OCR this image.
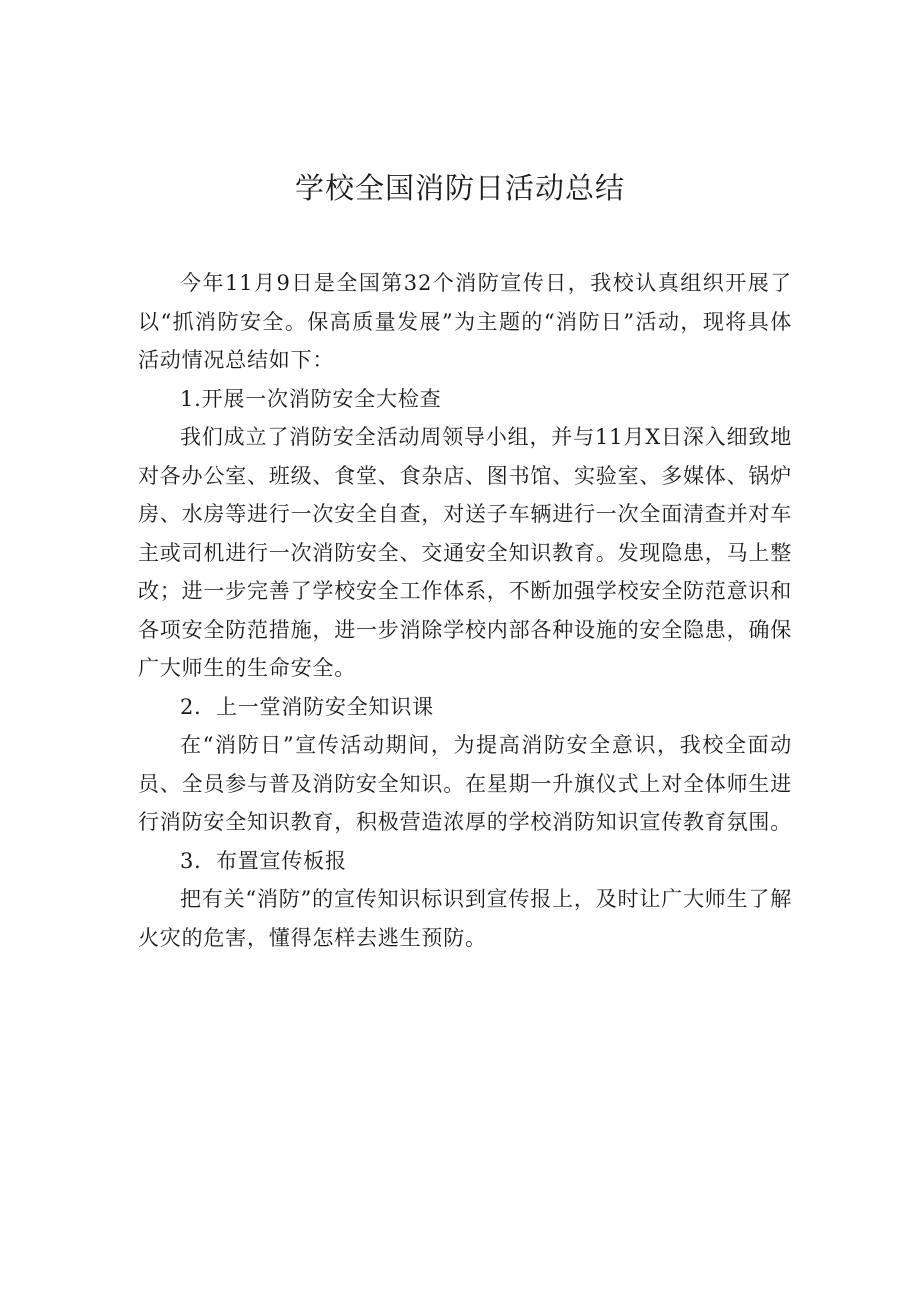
学校全国消防日活动总结

今年11月9日是全国第32个消防宣传日，我校认真组织开展了以“抓消防安全。保高质量发展”为主题的“消防日”活动，现将具体活动情况总结如下：

1.开展一次消防安全大检查

我们成立了消防安全活动周领导小组，并与11月X日深入细致地对各办公室、班级、食堂、食杂店、图书馆、实验室、多媒体、锅炉房、水房等进行一次安全自查，对送子车辆进行一次全面清查并对车主或司机进行一次消防安全、交通安全知识教育。发现隐患，马上整改；进一步完善了学校安全工作体系，不断加强学校安全防范意识和各项安全防范措施，进一步消除学校内部各种设施的安全隐患，确保广大师生的生命安全。

2．上一堂消防安全知识课

在“消防日”宣传活动期间，为提高消防安全意识，我校全面动员、全员参与普及消防安全知识。在星期一升旗仪式上对全体师生进行消防安全知识教育，积极营造浓厚的学校消防知识宣传教育氛围。

3．布置宣传板报

把有关“消防”的宣传知识标识到宣传报上，及时让广大师生了解火灾的危害，懂得怎样去逃生预防。
